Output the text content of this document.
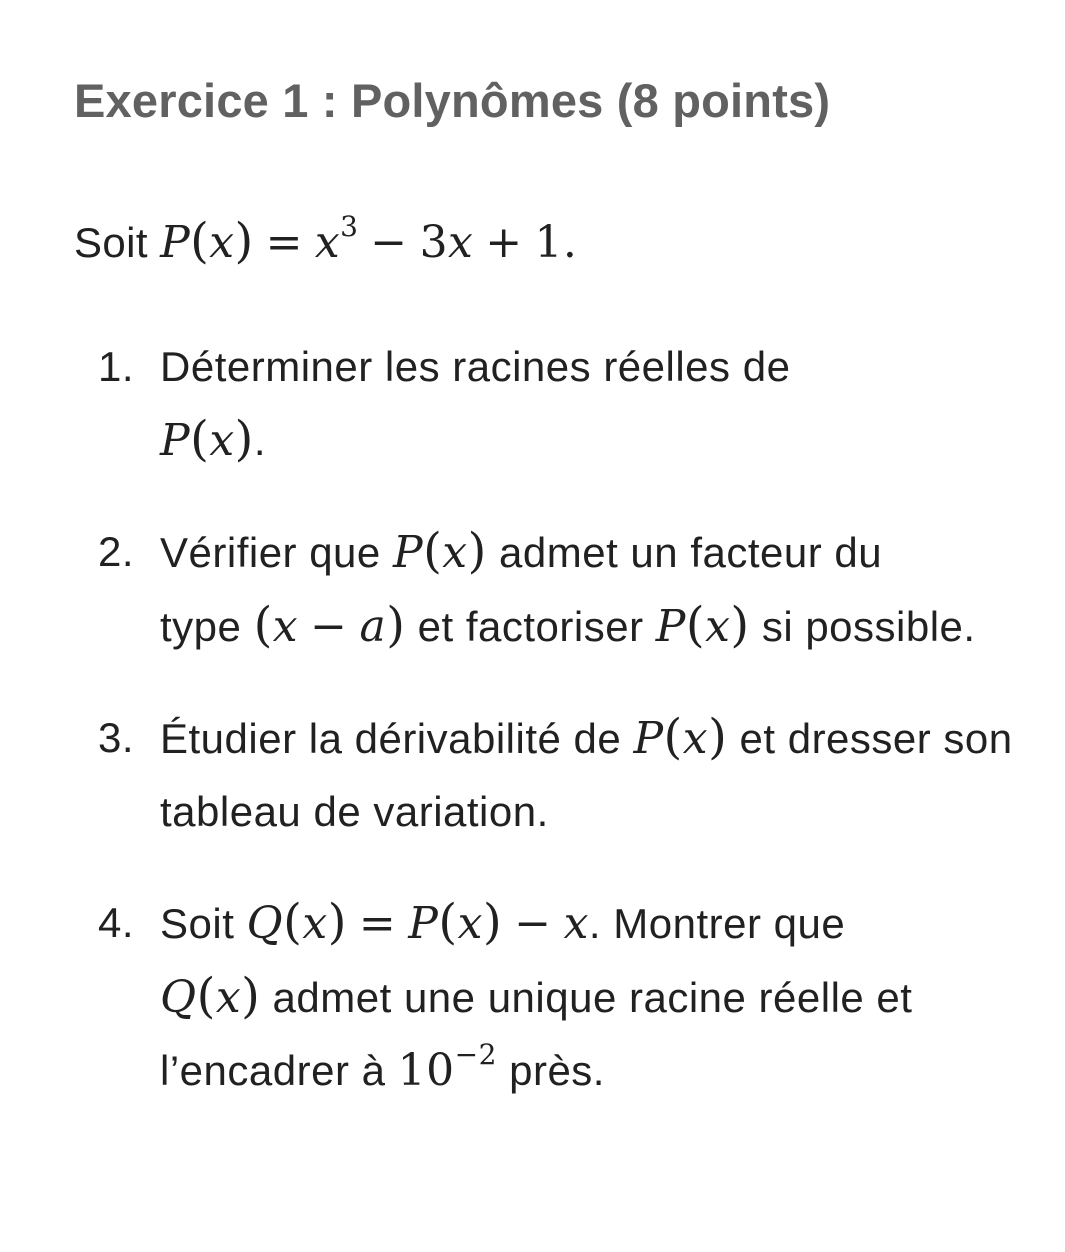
Exercice 1 : Polynômes (8 points)

Soit $P(x) = x^3 - 3x + 1$.

1. Déterminer les racines réelles de
P(x).
2. Vérifier que P(x) admet un facteur du type (x − a) et factoriser P(x) si possible.
3. Étudier la dérivabilité de P(x) et dresser son tableau de variation.
4. Soit Q(x) = P(x) − x. Montrer que
Q(x) admet une unique racine réelle et l’encadrer à $10^{-2}$ près.
